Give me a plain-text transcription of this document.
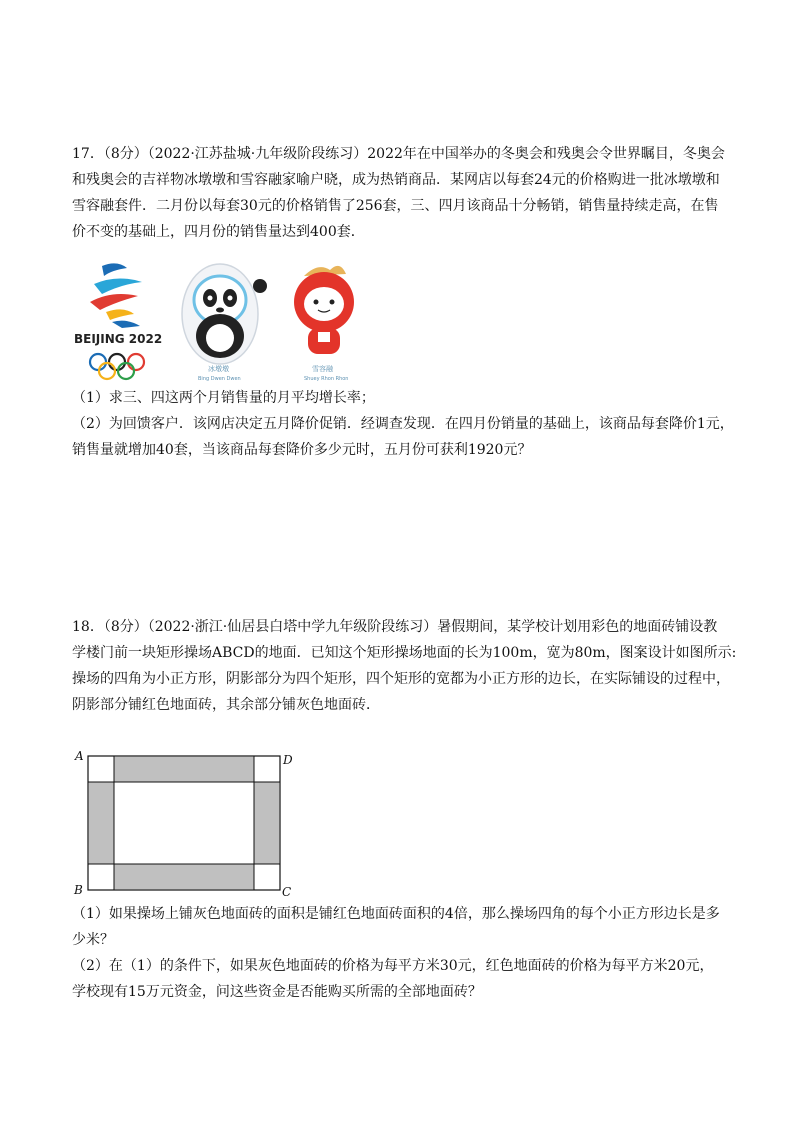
17．（8分）（2022·江苏盐城·九年级阶段练习）2022年在中国举办的冬奥会和残奥会令世界瞩目，冬奥会
和残奥会的吉祥物冰墩墩和雪容融家喻户晓，成为热销商品．某网店以每套24元的价格购进一批冰墩墩和
雪容融套件．二月份以每套30元的价格销售了256套，三、四月该商品十分畅销，销售量持续走高，在售
价不变的基础上，四月份的销售量达到400套．
BEIJING 2022
冰墩墩
Bing Dwen Dwen
雪容融
Shuey Rhon Rhon
（1）求三、四这两个月销售量的月平均增长率；
（2）为回馈客户．该网店决定五月降价促销．经调查发现．在四月份销量的基础上，该商品每套降价1元，
销售量就增加40套，当该商品每套降价多少元时，五月份可获利1920元？
18．（8分）（2022·浙江·仙居县白塔中学九年级阶段练习）暑假期间，某学校计划用彩色的地面砖铺设教
学楼门前一块矩形操场ABCD的地面．已知这个矩形操场地面的长为100m，宽为80m，图案设计如图所示:
操场的四角为小正方形，阴影部分为四个矩形，四个矩形的宽都为小正方形的边长，在实际铺设的过程中，
阴影部分铺红色地面砖，其余部分铺灰色地面砖．
A	D
B	C
（1）如果操场上铺灰色地面砖的面积是铺红色地面砖面积的4倍，那么操场四角的每个小正方形边长是多
少米？
（2）在（1）的条件下，如果灰色地面砖的价格为每平方米30元，红色地面砖的价格为每平方米20元，
学校现有15万元资金，问这些资金是否能购买所需的全部地面砖？
